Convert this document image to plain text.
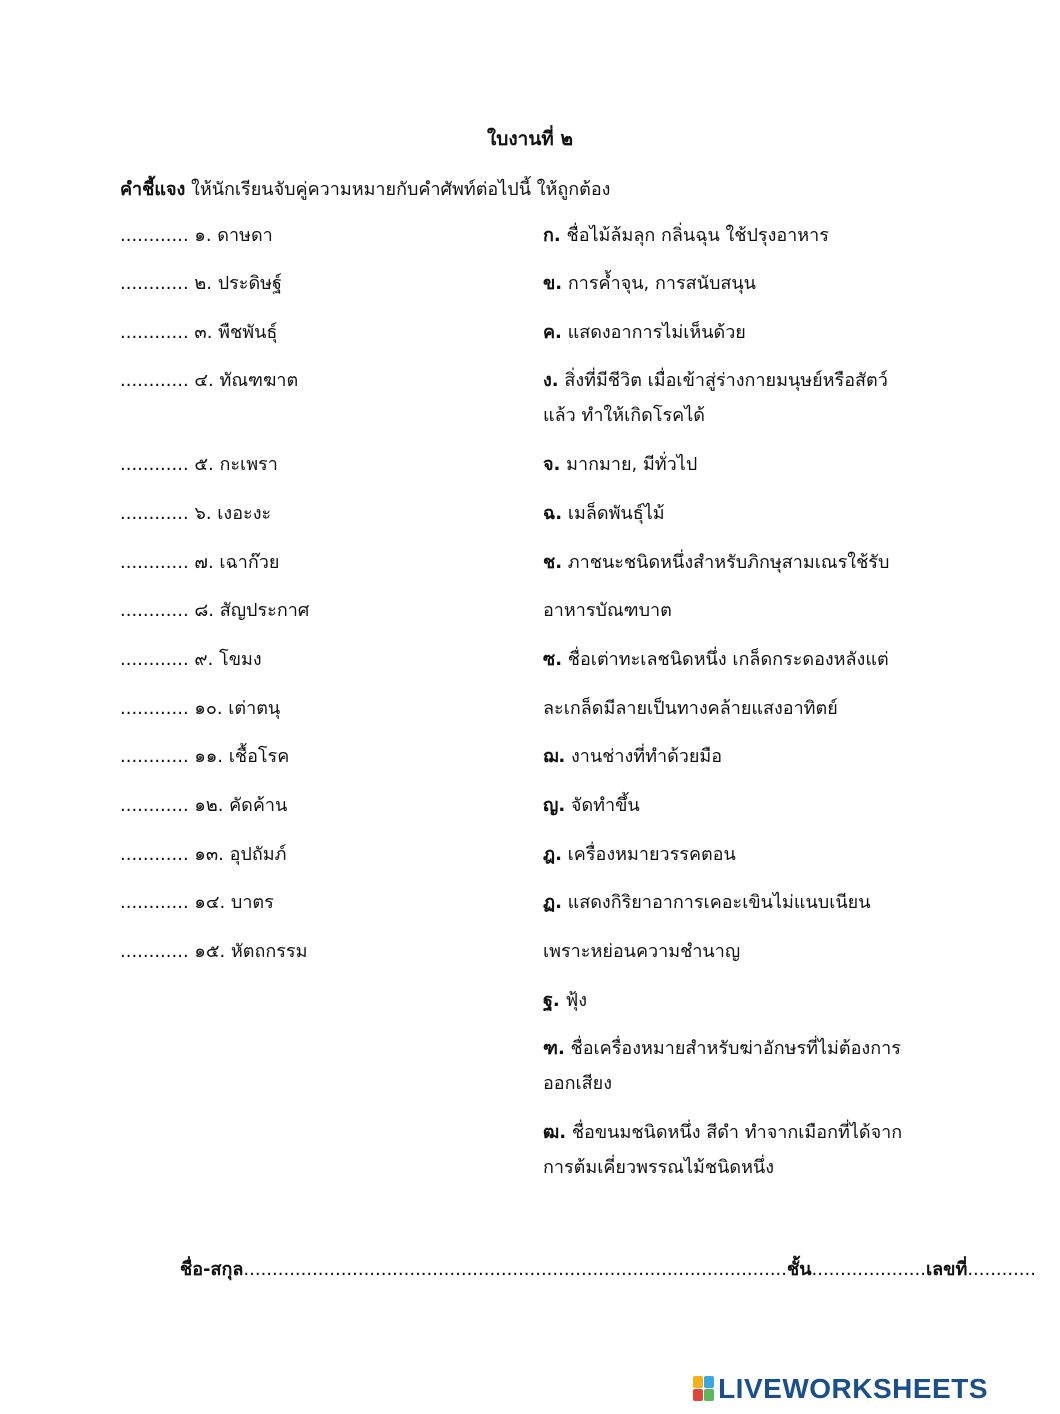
ใบงานที่ ๒
คำชี้แจง ให้นักเรียนจับคู่ความหมายกับคำศัพท์ต่อไปนี้ ให้ถูกต้อง
............ ๑. ดาษดา
............ ๒. ประดิษฐ์
............ ๓. พืชพันธุ์
............ ๔. ทัณฑฆาต
............ ๕. กะเพรา
............ ๖. เงอะงะ
............ ๗. เฉาก๊วย
............ ๘. สัญประกาศ
............ ๙. โขมง
............ ๑๐. เต่าตนุ
............ ๑๑. เชื้อโรค
............ ๑๒. คัดค้าน
............ ๑๓. อุปถัมภ์
............ ๑๔. บาตร
............ ๑๕. หัตถกรรม
ก. ชื่อไม้ล้มลุก กลิ่นฉุน ใช้ปรุงอาหาร
ข. การค้ำจุน, การสนับสนุน
ค. แสดงอาการไม่เห็นด้วย
ง. สิ่งที่มีชีวิต เมื่อเข้าสู่ร่างกายมนุษย์หรือสัตว์
แล้ว ทำให้เกิดโรคได้
จ. มากมาย, มีทั่วไป
ฉ. เมล็ดพันธุ์ไม้
ช. ภาชนะชนิดหนึ่งสำหรับภิกษุสามเณรใช้รับ
อาหารบัณฑบาต
ซ. ชื่อเต่าทะเลชนิดหนึ่ง เกล็ดกระดองหลังแต่
ละเกล็ดมีลายเป็นทางคล้ายแสงอาทิตย์
ฌ. งานช่างที่ทำด้วยมือ
ญ. จัดทำขึ้น
ฎ. เครื่องหมายวรรคตอน
ฏ. แสดงกิริยาอาการเคอะเขินไม่แนบเนียน
เพราะหย่อนความชำนาญ
ฐ. ฟุ้ง
ฑ. ชื่อเครื่องหมายสำหรับฆ่าอักษรที่ไม่ต้องการ
ออกเสียง
ฒ. ชื่อขนมชนิดหนึ่ง สีดำ ทำจากเมือกที่ได้จาก
การต้มเคี่ยวพรรณไม้ชนิดหนึ่ง
ชื่อ-สกุล...............................................................................................ชั้น....................เลขที่............
LIVEWORKSHEETS
